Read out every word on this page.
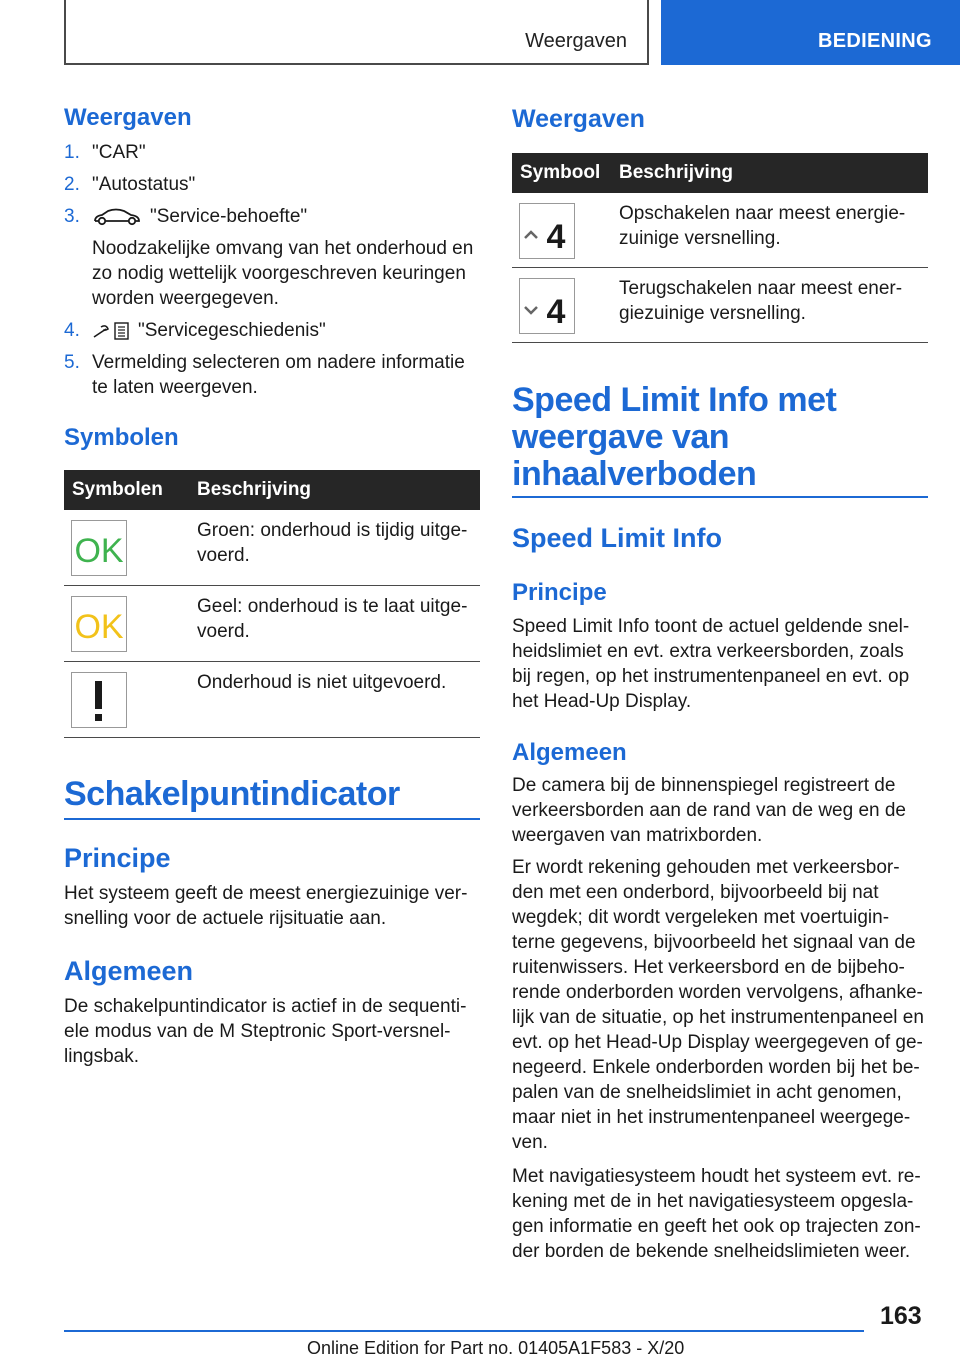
Weergaven	BEDIENING
Weergaven
1. "CAR"
2. "Autostatus"
3.	"Service-behoefte"
Noodzakelijke omvang van het onderhoud en zo nodig wettelijk voorgeschreven keuringen worden weergegeven.
4.	"Servicegeschiedenis"
5. Vermelding selecteren om nadere informatie te laten weergeven.
Symbolen
Symbolen Beschrijving
OK
Groen: onderhoud is tijdig uitge-voerd.
OK
Geel: onderhoud is te laat uitge-voerd.
Onderhoud is niet uitgevoerd.
Schakelpuntindicator
Principe
Het systeem geeft de meest energiezuinige ver-snelling voor de actuele rijsituatie aan.
Algemeen
De schakelpuntindicator is actief in de sequenti-ele modus van de M Steptronic Sport-versnel-lingsbak.
Weergaven
Symbool Beschrijving
4
Opschakelen naar meest energie-zuinige versnelling.
4
Terugschakelen naar meest ener-giezuinige versnelling.
Speed Limit Info met
weergave van
inhaalverboden
Speed Limit Info
Principe
Speed Limit Info toont de actuel geldende snel-heidslimiet en evt. extra verkeersborden, zoals bij regen, op het instrumentenpaneel en evt. op het Head-Up Display.
Algemeen
De camera bij de binnenspiegel registreert de verkeersborden aan de rand van de weg en de weergaven van matrixborden.
Er wordt rekening gehouden met verkeersbor-den met een onderbord, bijvoorbeeld bij nat wegdek; dit wordt vergeleken met voertuigin-terne gegevens, bijvoorbeeld het signaal van de ruitenwissers. Het verkeersbord en de bijbeho-rende onderborden worden vervolgens, afhanke-lijk van de situatie, op het instrumentenpaneel en evt. op het Head-Up Display weergegeven of ge-negeerd. Enkele onderborden worden bij het be-palen van de snelheidslimiet in acht genomen, maar niet in het instrumentenpaneel weergege-ven.
Met navigatiesysteem houdt het systeem evt. re-kening met de in het navigatiesysteem opgesla-gen informatie en geeft het ook op trajecten zon-der borden de bekende snelheidslimieten weer.
163
Online Edition for Part no. 01405A1F583 - X/20
